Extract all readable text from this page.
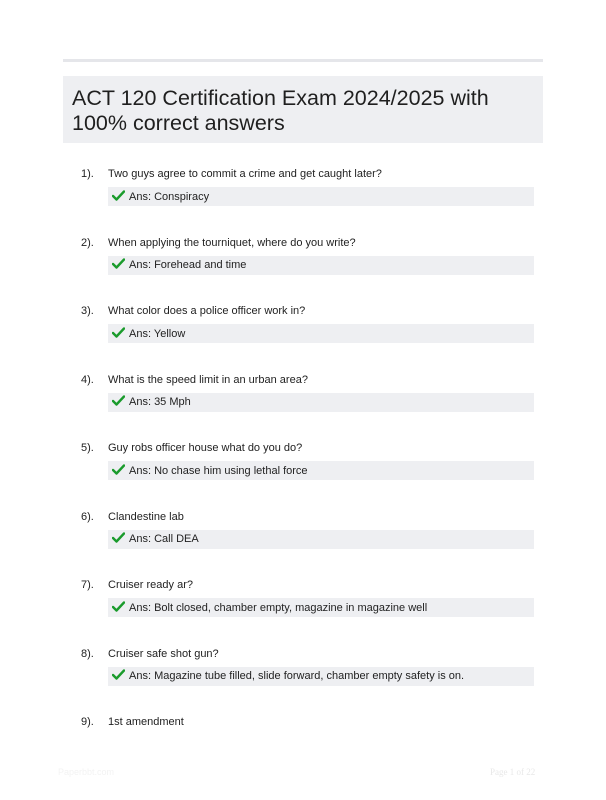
ACT 120 Certification Exam 2024/2025 with 100% correct answers
1). Two guys agree to commit a crime and get caught later?
Ans: Conspiracy
2). When applying the tourniquet, where do you write?
Ans: Forehead and time
3). What color does a police officer work in?
Ans: Yellow
4). What is the speed limit in an urban area?
Ans: 35 Mph
5). Guy robs officer house what do you do?
Ans: No chase him using lethal force
6). Clandestine lab
Ans: Call DEA
7). Cruiser ready ar?
Ans: Bolt closed, chamber empty, magazine in magazine well
8). Cruiser safe shot gun?
Ans: Magazine tube filled, slide forward, chamber empty safety is on.
9). 1st amendment
Paperbbt.com	Page 1 of 22
